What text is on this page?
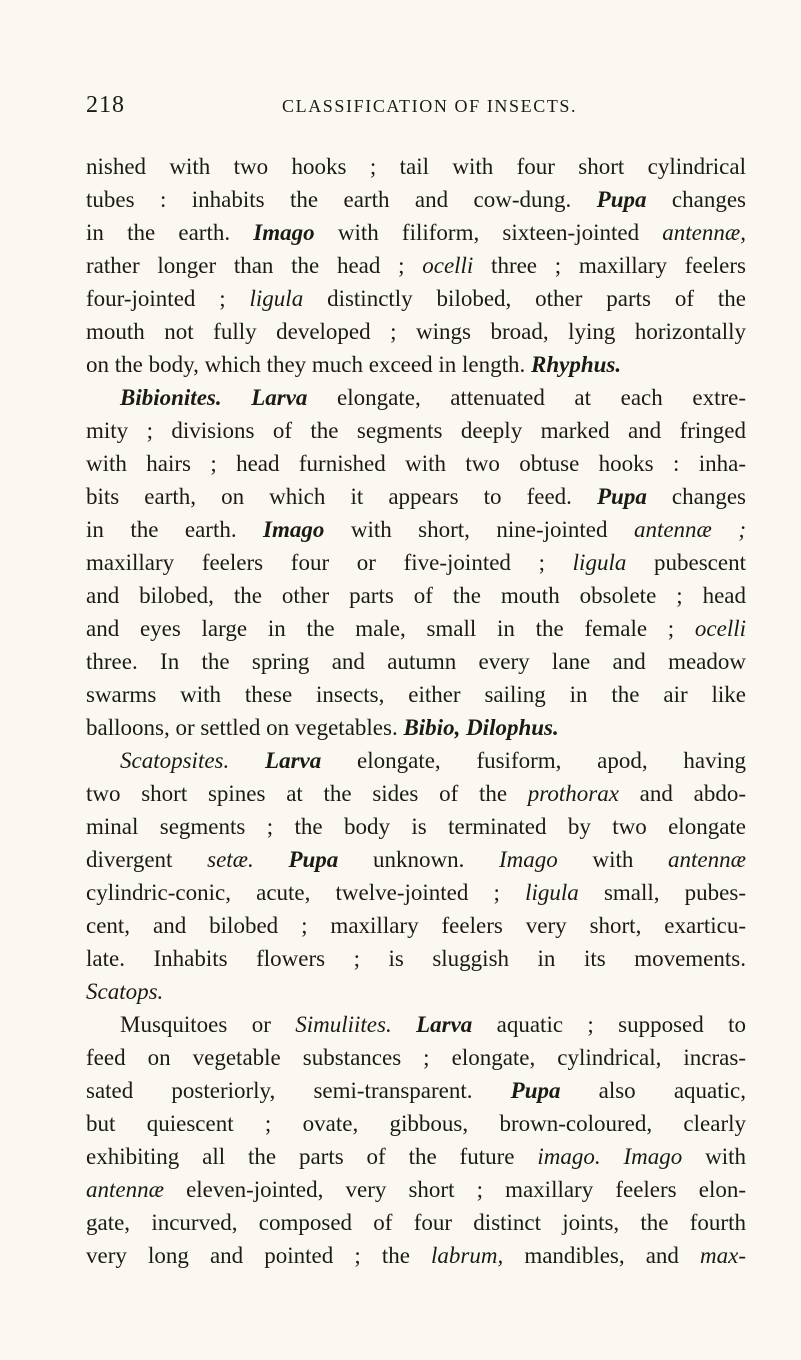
218	CLASSIFICATION OF INSECTS.
nished with two hooks ; tail with four short cylindrical
tubes : inhabits the earth and cow-dung. Pupa changes
in the earth. Imago with filiform, sixteen-jointed antennæ,
rather longer than the head ; ocelli three ; maxillary feelers
four-jointed ; ligula distinctly bilobed, other parts of the
mouth not fully developed ; wings broad, lying horizontally
on the body, which they much exceed in length. Rhyphus.
Bibionites. Larva elongate, attenuated at each extre-
mity ; divisions of the segments deeply marked and fringed
with hairs ; head furnished with two obtuse hooks : inha-
bits earth, on which it appears to feed. Pupa changes
in the earth. Imago with short, nine-jointed antennæ ;
maxillary feelers four or five-jointed ; ligula pubescent
and bilobed, the other parts of the mouth obsolete ; head
and eyes large in the male, small in the female ; ocelli
three. In the spring and autumn every lane and meadow
swarms with these insects, either sailing in the air like
balloons, or settled on vegetables. Bibio, Dilophus.
Scatopsites. Larva elongate, fusiform, apod, having
two short spines at the sides of the prothorax and abdo-
minal segments ; the body is terminated by two elongate
divergent setæ. Pupa unknown. Imago with antennæ
cylindric-conic, acute, twelve-jointed ; ligula small, pubes-
cent, and bilobed ; maxillary feelers very short, exarticu-
late. Inhabits flowers ; is sluggish in its movements.
Scatops.
Musquitoes or Simuliites. Larva aquatic ; supposed to
feed on vegetable substances ; elongate, cylindrical, incras-
sated posteriorly, semi-transparent. Pupa also aquatic,
but quiescent ; ovate, gibbous, brown-coloured, clearly
exhibiting all the parts of the future imago. Imago with
antennæ eleven-jointed, very short ; maxillary feelers elon-
gate, incurved, composed of four distinct joints, the fourth
very long and pointed ; the labrum, mandibles, and max-
